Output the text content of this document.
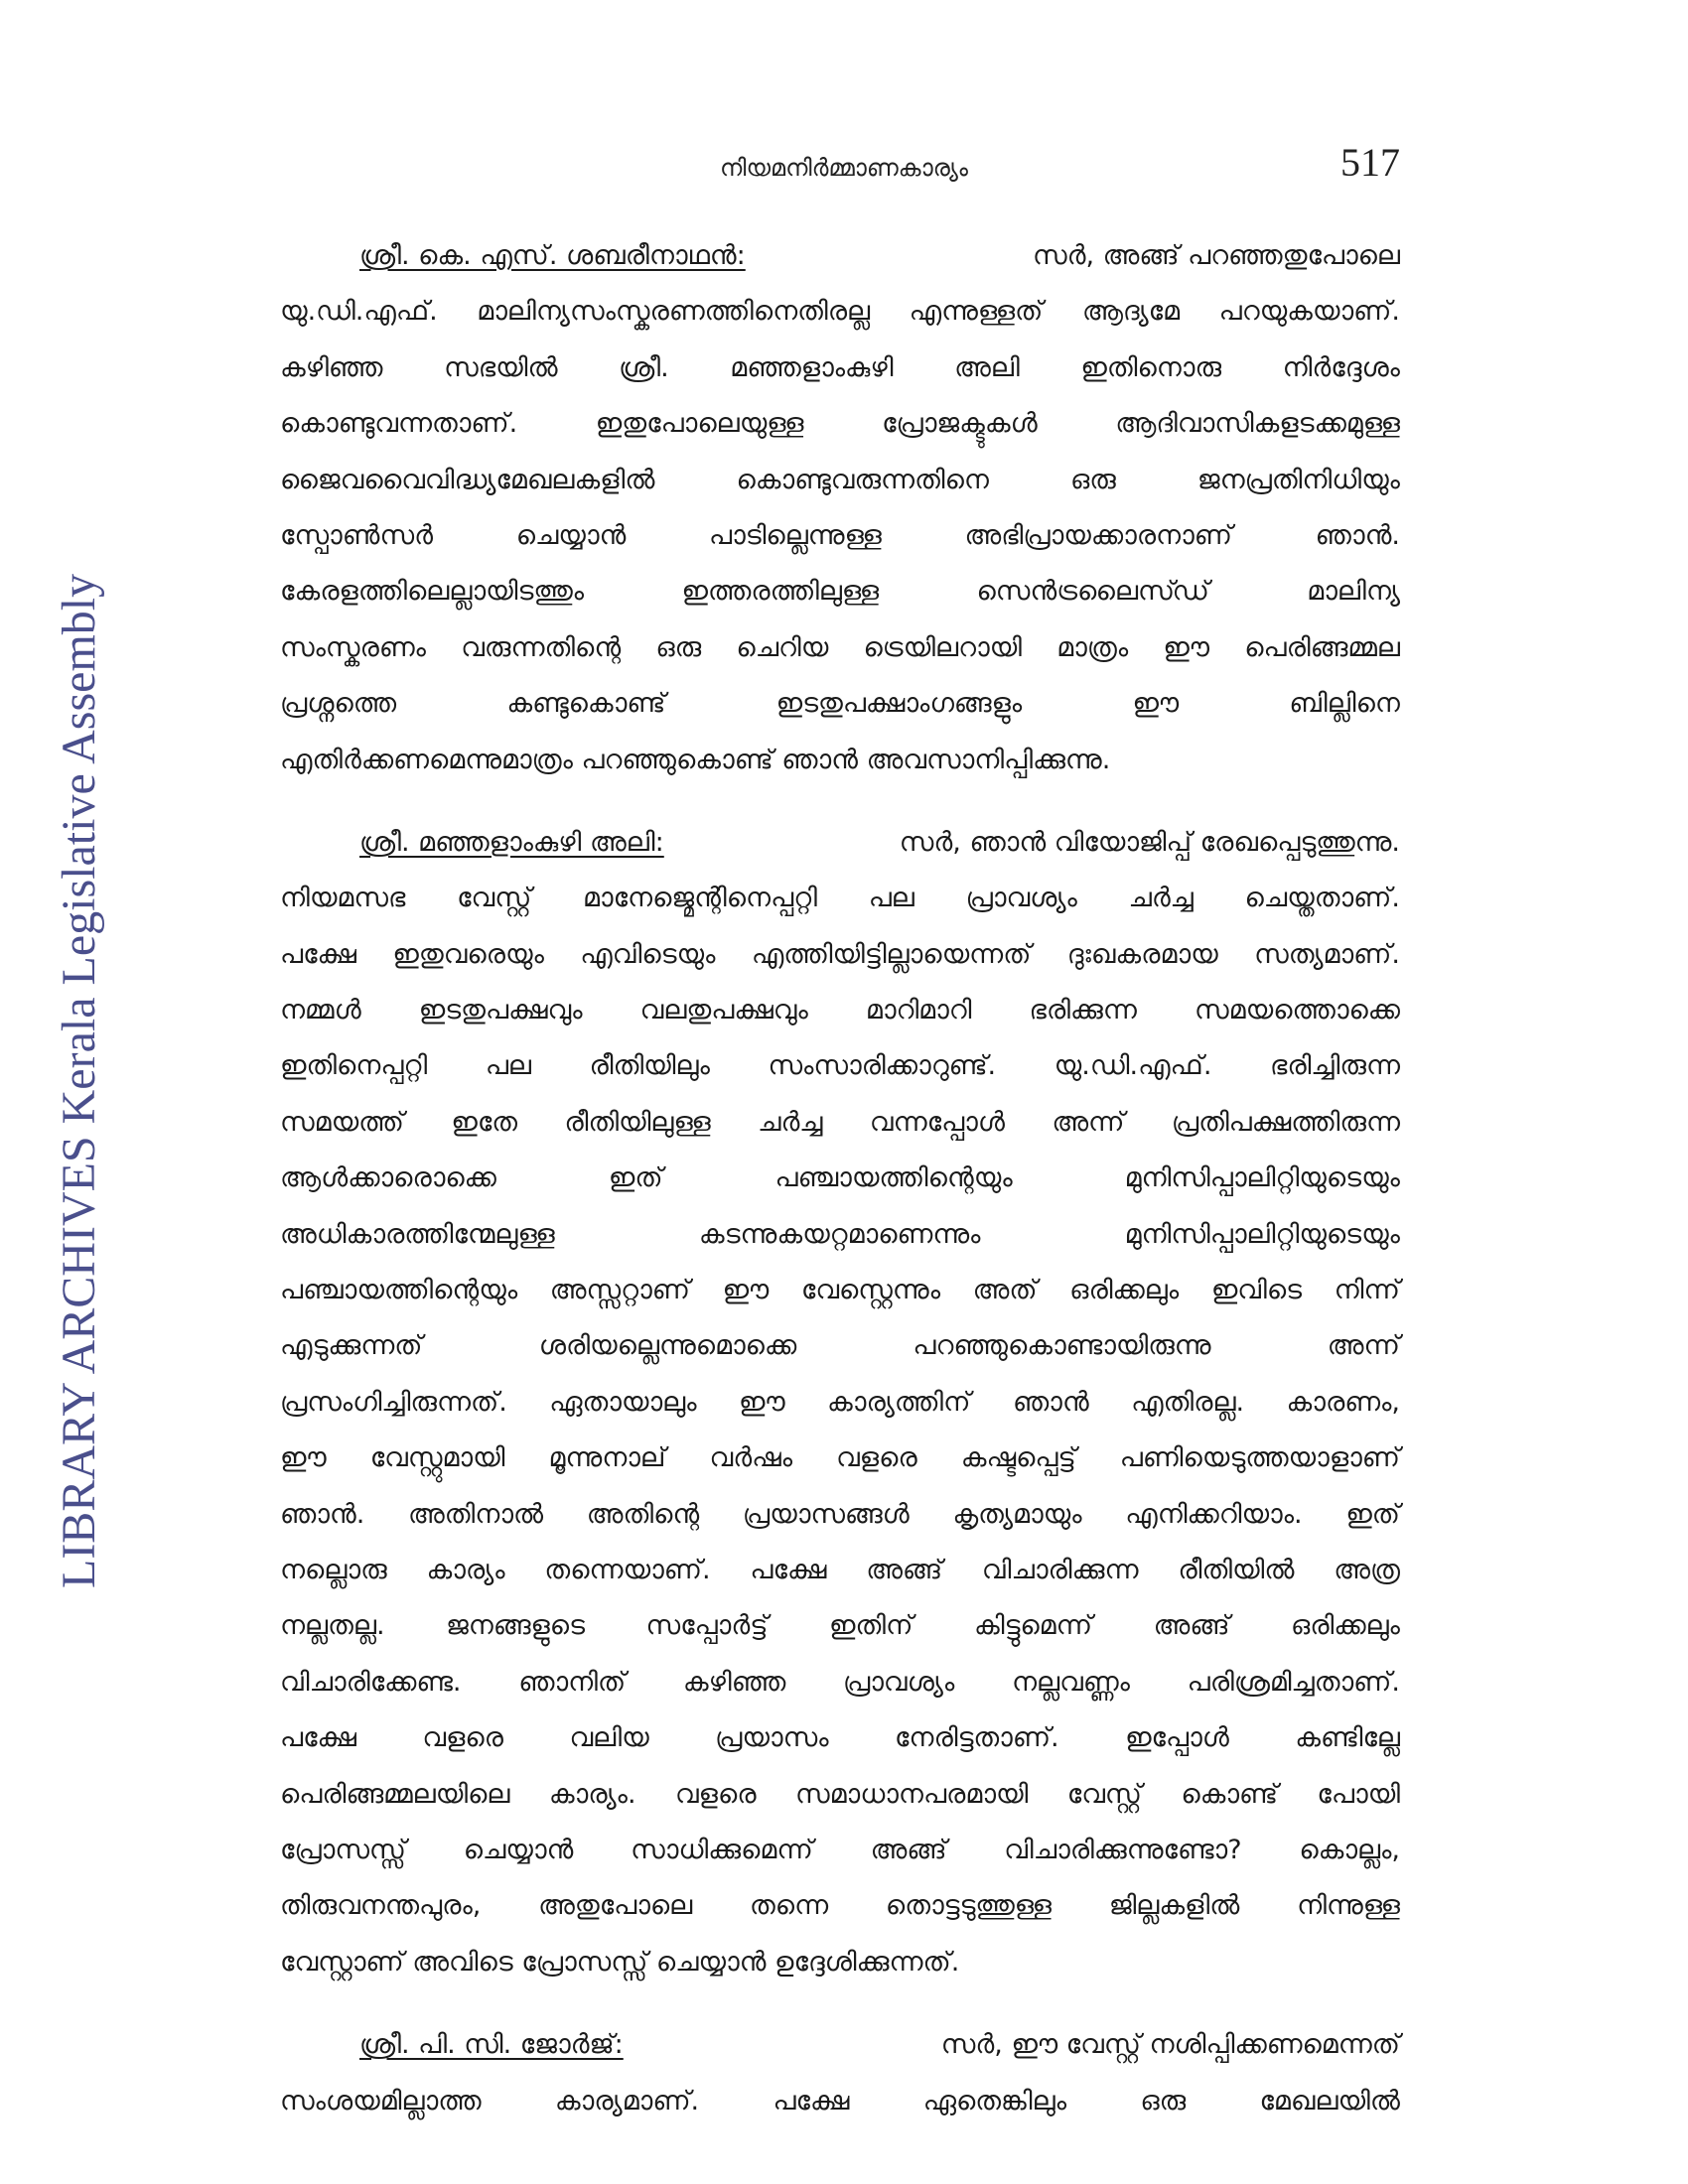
LIBRARY ARCHIVES Kerala Legislative Assembly
നിയമനിർമ്മാണകാര്യം	517
ശ്രീ. കെ. എസ്. ശബരീനാഥൻ:	സർ, അങ്ങ് പറഞ്ഞതുപോലെ
യു.ഡി.എഫ്. മാലിന്യസംസ്കരണത്തിനെതിരല്ല എന്നുള്ളത് ആദ്യമേ പറയുകയാണ്.
കഴിഞ്ഞ സഭയിൽ ശ്രീ. മഞ്ഞളാംകുഴി അലി ഇതിനൊരു നിർദ്ദേശം
കൊണ്ടുവന്നതാണ്. ഇതുപോലെയുള്ള പ്രോജക്ടുകൾ ആദിവാസികളടക്കമുള്ള
ജൈവവൈവിദ്ധ്യമേഖലകളിൽ കൊണ്ടുവരുന്നതിനെ ഒരു ജനപ്രതിനിധിയും
സ്പോൺസർ ചെയ്യാൻ പാടില്ലെന്നുള്ള അഭിപ്രായക്കാരനാണ് ഞാൻ.
കേരളത്തിലെല്ലായിടത്തും ഇത്തരത്തിലുള്ള സെൻട്രലൈസ്ഡ് മാലിന്യ
സംസ്കരണം വരുന്നതിന്റെ ഒരു ചെറിയ ട്രെയിലറായി മാത്രം ഈ പെരിങ്ങമ്മല
പ്രശ്നത്തെ കണ്ടുകൊണ്ട് ഇടതുപക്ഷാംഗങ്ങളും ഈ ബില്ലിനെ
എതിർക്കണമെന്നുമാത്രം പറഞ്ഞുകൊണ്ട് ഞാൻ അവസാനിപ്പിക്കുന്നു.
ശ്രീ. മഞ്ഞളാംകുഴി അലി:	സർ, ഞാൻ വിയോജിപ്പ് രേഖപ്പെടുത്തുന്നു.
നിയമസഭ വേസ്റ്റ് മാനേജ്മെന്റിനെപ്പറ്റി പല പ്രാവശ്യം ചർച്ച ചെയ്തതാണ്.
പക്ഷേ ഇതുവരെയും എവിടെയും എത്തിയിട്ടില്ലായെന്നത് ദുഃഖകരമായ സത്യമാണ്.
നമ്മൾ ഇടതുപക്ഷവും വലതുപക്ഷവും മാറിമാറി ഭരിക്കുന്ന സമയത്തൊക്കെ
ഇതിനെപ്പറ്റി പല രീതിയിലും സംസാരിക്കാറുണ്ട്. യു.ഡി.എഫ്. ഭരിച്ചിരുന്ന
സമയത്ത് ഇതേ രീതിയിലുള്ള ചർച്ച വന്നപ്പോൾ അന്ന് പ്രതിപക്ഷത്തിരുന്ന
ആൾക്കാരൊക്കെ ഇത് പഞ്ചായത്തിന്റെയും മുനിസിപ്പാലിറ്റിയുടെയും
അധികാരത്തിന്മേലുള്ള കടന്നുകയറ്റമാണെന്നും മുനിസിപ്പാലിറ്റിയുടെയും
പഞ്ചായത്തിന്റെയും അസ്സറ്റാണ് ഈ വേസ്റ്റെന്നും അത് ഒരിക്കലും ഇവിടെ നിന്ന്
എടുക്കുന്നത് ശരിയല്ലെന്നുമൊക്കെ പറഞ്ഞുകൊണ്ടായിരുന്നു അന്ന്
പ്രസംഗിച്ചിരുന്നത്. ഏതായാലും ഈ കാര്യത്തിന് ഞാൻ എതിരല്ല. കാരണം,
ഈ വേസ്റ്റുമായി മൂന്നുനാല് വർഷം വളരെ കഷ്ടപ്പെട്ട് പണിയെടുത്തയാളാണ്
ഞാൻ. അതിനാൽ അതിന്റെ പ്രയാസങ്ങൾ കൃത്യമായും എനിക്കറിയാം. ഇത്
നല്ലൊരു കാര്യം തന്നെയാണ്. പക്ഷേ അങ്ങ് വിചാരിക്കുന്ന രീതിയിൽ അത്ര
നല്ലതല്ല. ജനങ്ങളുടെ സപ്പോർട്ട് ഇതിന് കിട്ടുമെന്ന് അങ്ങ് ഒരിക്കലും
വിചാരിക്കേണ്ട. ഞാനിത് കഴിഞ്ഞ പ്രാവശ്യം നല്ലവണ്ണം പരിശ്രമിച്ചതാണ്.
പക്ഷേ വളരെ വലിയ പ്രയാസം നേരിട്ടതാണ്. ഇപ്പോൾ കണ്ടില്ലേ
പെരിങ്ങമ്മലയിലെ കാര്യം. വളരെ സമാധാനപരമായി വേസ്റ്റ് കൊണ്ട് പോയി
പ്രോസസ്സ് ചെയ്യാൻ സാധിക്കുമെന്ന് അങ്ങ് വിചാരിക്കുന്നുണ്ടോ? കൊല്ലം,
തിരുവനന്തപുരം, അതുപോലെ തന്നെ തൊട്ടടുത്തുള്ള ജില്ലകളിൽ നിന്നുള്ള
വേസ്റ്റാണ് അവിടെ പ്രോസസ്സ് ചെയ്യാൻ ഉദ്ദേശിക്കുന്നത്.
ശ്രീ. പി. സി. ജോർജ്:	സർ, ഈ വേസ്റ്റ് നശിപ്പിക്കണമെന്നത്
സംശയമില്ലാത്ത കാര്യമാണ്. പക്ഷേ ഏതെങ്കിലും ഒരു മേഖലയിൽ
